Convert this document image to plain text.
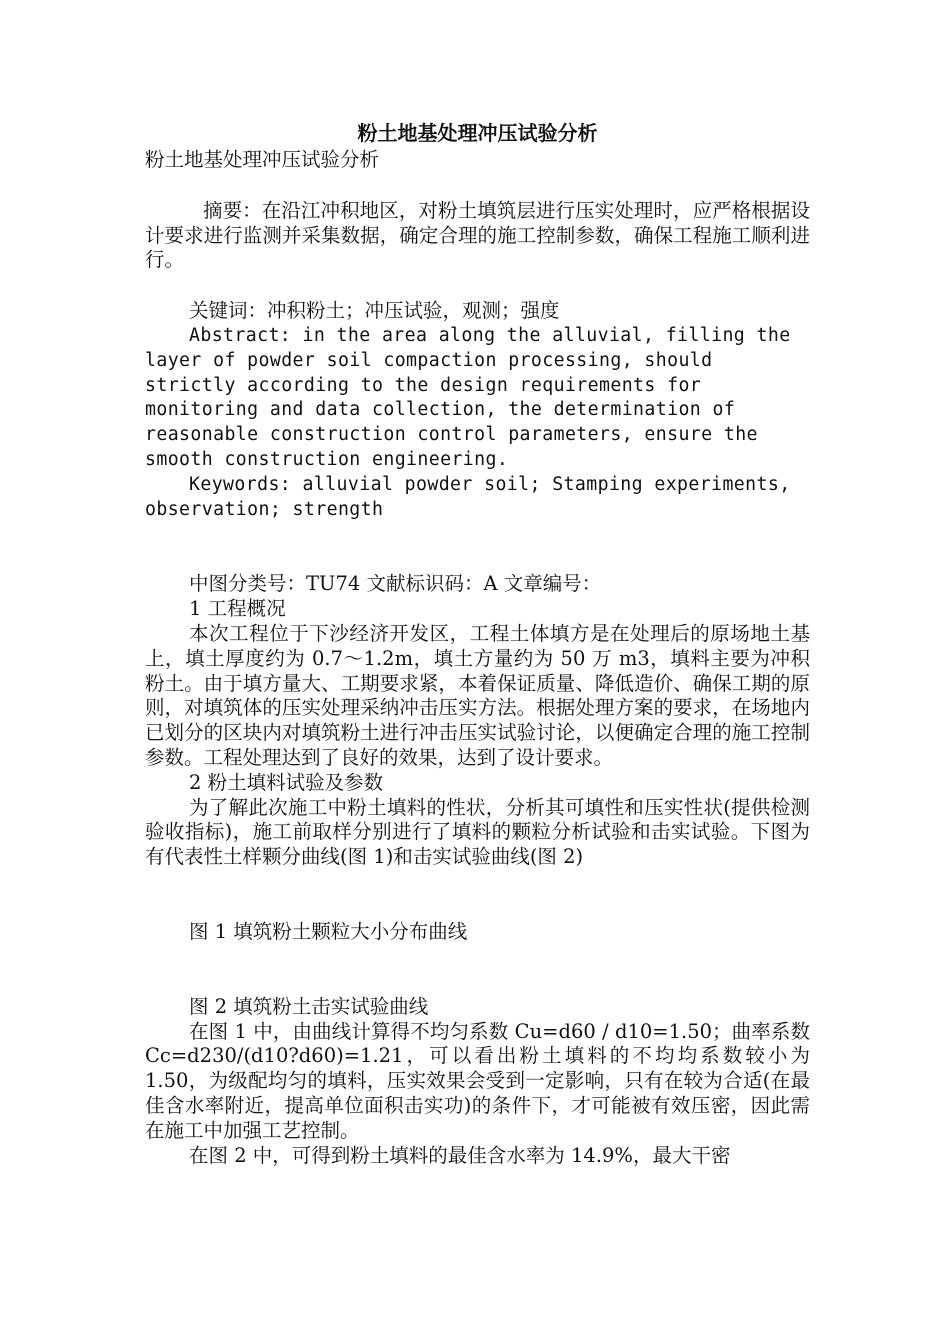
粉土地基处理冲压试验分析

粉土地基处理冲压试验分析

摘要：在沿江冲积地区，对粉土填筑层进行压实处理时，应严格根据设计要求进行监测并采集数据，确定合理的施工控制参数，确保工程施工顺利进行。

关键词：冲积粉土；冲压试验，观测；强度

Abstract: in the area along the alluvial, filling the layer of powder soil compaction processing, should strictly according to the design requirements for monitoring and data collection, the determination of reasonable construction control parameters, ensure the smooth construction engineering.

Keywords: alluvial powder soil; Stamping experiments, observation; strength

中图分类号：TU74 文献标识码：A 文章编号：

1 工程概况

本次工程位于下沙经济开发区，工程土体填方是在处理后的原场地土基上，填土厚度约为 0.7～1.2m，填土方量约为 50 万 m3，填料主要为冲积粉土。由于填方量大、工期要求紧，本着保证质量、降低造价、确保工期的原则，对填筑体的压实处理采纳冲击压实方法。根据处理方案的要求，在场地内已划分的区块内对填筑粉土进行冲击压实试验讨论，以便确定合理的施工控制参数。工程处理达到了良好的效果，达到了设计要求。

2 粉土填料试验及参数

为了解此次施工中粉土填料的性状，分析其可填性和压实性状(提供检测验收指标)，施工前取样分别进行了填料的颗粒分析试验和击实试验。下图为有代表性土样颗分曲线(图 1)和击实试验曲线(图 2)

图 1 填筑粉土颗粒大小分布曲线

图 2 填筑粉土击实试验曲线

在图 1 中，由曲线计算得不均匀系数 Cu=d60 / d10=1.50；曲率系数 Cc=d230/(d10?d60)=1.21，可以看出粉土填料的不均均系数较小为 1.50，为级配均匀的填料，压实效果会受到一定影响，只有在较为合适(在最佳含水率附近，提高单位面积击实功)的条件下，才可能被有效压密，因此需在施工中加强工艺控制。

在图 2 中，可得到粉土填料的最佳含水率为 14.9%，最大干密
